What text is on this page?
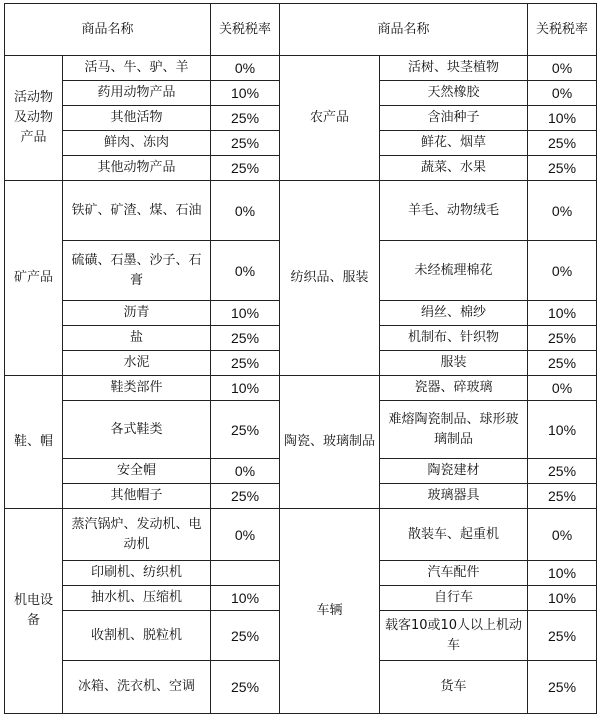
商品名称		关税税率	商品名称		关税税率
活动物及动物产品	活马、牛、驴、羊	0%	农产品	活树、块茎植物	0%
	药用动物产品	10%		天然橡胶	0%
	其他活物	25%		含油种子	10%
	鲜肉、冻肉	25%		鲜花、烟草	25%
	其他动物产品	25%		蔬菜、水果	25%
矿产品	铁矿、矿渣、煤、石油	0%	纺织品、服装	羊毛、动物绒毛	0%
	硫磺、石墨、沙子、石膏	0%		未经梳理棉花	0%
	沥青	10%		绢丝、棉纱	10%
	盐	25%		机制布、针织物	25%
	水泥	25%		服装	25%
鞋、帽	鞋类部件	10%	陶瓷、玻璃制品	瓷器、碎玻璃	0%
	各式鞋类	25%		难熔陶瓷制品、球形玻璃制品	10%
	安全帽	0%		陶瓷建材	25%
	其他帽子	25%		玻璃器具	25%
机电设备	蒸汽锅炉、发动机、电动机	0%	车辆	散装车、起重机	0%
	印刷机、纺织机			汽车配件	10%
	抽水机、压缩机	10%		自行车	10%
	收割机、脱粒机	25%		载客10或10人以上机动车	25%
	冰箱、洗衣机、空调	25%		货车	25%
